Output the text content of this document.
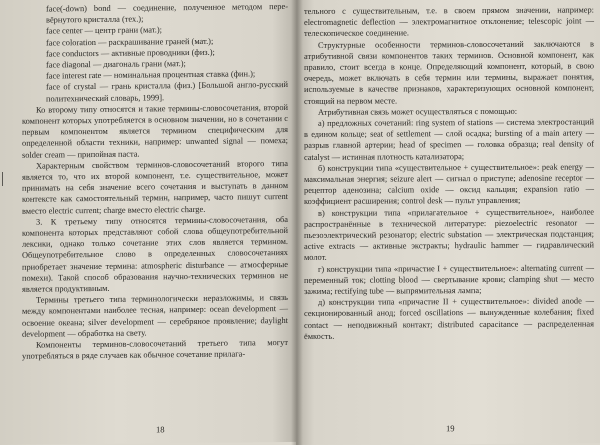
face(-down) bond — соединение, полученное методом пере-вёрнутого кристалла (тех.);

face center — центр грани (мат.);

face coloration — раскрашивание граней (мат.);

face conductors — активные проводники (физ.);

face diagonal — диагональ грани (мат.);

face interest rate — номинальная процентная ставка (фин.);

face of crystal — грань кристалла (физ.) [Большой англо-русский политехнический словарь, 1999].

Ко второму типу относятся и такие термины-словосочетания, второй компонент которых употребляется в основном значении, но в сочетании с первым компонентом является термином специфическим для определенной области техники, например: unwanted signal — помеха; solder cream — припойная паста.

Характерным свойством терминов-словосочетаний второго типа является то, что их второй компонент, т.е. существительное, может принимать на себя значение всего сочетания и выступать в данном контексте как самостоятельный термин, например, часто пишут current вместо electric current; charge вместо electric charge.

3. К третьему типу относятся термины-словосочетания, оба компонента которых представляют собой слова общеупотребительной лексики, однако только сочетание этих слов является термином. Общеупотребительное слово в определенных словосочетаниях приобретает значение термина: atmospheric disturbance — атмосферные помехи). Такой способ образования научно-технических терминов не является продуктивным.

Термины третьего типа терминологически неразложимы, и связь между компонентами наиболее тесная, например: ocean development — освоение океана; silver development — серебряное проявление; daylight development — обработка на свету.

Компоненты терминов-словосочетаний третьего типа могут употребляться в ряде случаев как обычное сочетание прилага-

18

тельного с существительным, т.е. в своем прямом значении, например: electromagnetic deflection — электромагнитное отклонение; telescopic joint — телескопическое соединение.

Структурные особенности терминов-словосочетаний заключаются в атрибутивной связи компонентов таких терминов. Основной компонент, как правило, стоит всегда в конце. Определяющий компонент, который, в свою очередь, может включать в себя термин или термины, выражает понятия, используемые в качестве признаков, характеризующих основной компонент, стоящий на первом месте.

Атрибутивная связь может осуществляться с помощью:

а) предложных сочетаний: ring system of stations — система электростанций в едином кольце; seat of settlement — слой осадка; bursting of a main artery — разрыв главной артерии; head of specimen — головка образца; real density of catalyst — истинная плотность катализатора;

б) конструкции типа «существительное + существительное»: peak energy — максимальная энергия; seizure alert — сигнал о приступе; adenosine receptor — рецептор аденозина; calcium oxide — оксид кальция; expansion ratio — коэффициент расширения; control desk — пульт управления;

в) конструкции типа «прилагательное + существительное», наиболее распространённые в технической литературе: piezoelectric resonator — пьезоэлектрический резонатор; electric substation — электрическая подстанция; active extracts — активные экстракты; hydraulic hammer — гидравлический молот.

г) конструкции типа «причастие I + существительное»: alternating current — переменный ток; clotting blood — свертывание крови; clamping shut — место зажима; rectifying tube — выпрямительная лампа;

д) конструкции типа «причастие II + существительное»: divided anode — секционированный анод; forced oscillations — вынужденные колебания; fixed contact — неподвижный контакт; distributed capacitance — распределенная ёмкость.

19
